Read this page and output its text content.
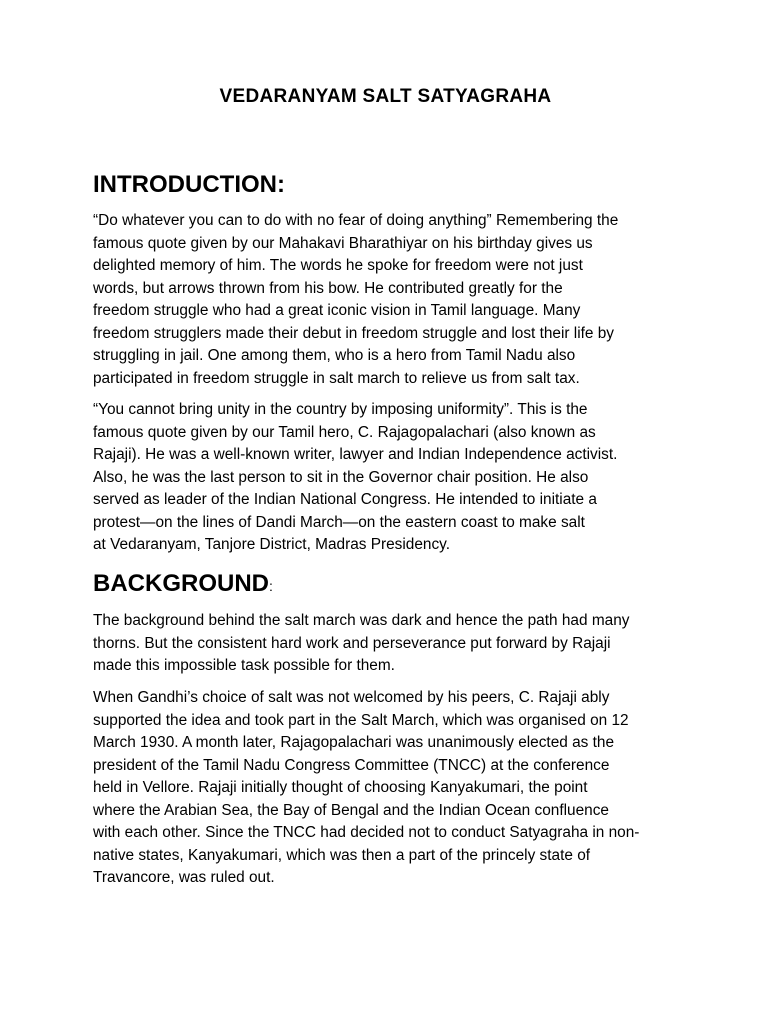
VEDARANYAM SALT SATYAGRAHA
INTRODUCTION:

“Do whatever you can to do with no fear of doing anything” Remembering the
famous quote given by our Mahakavi Bharathiyar on his birthday gives us
delighted memory of him. The words he spoke for freedom were not just
words, but arrows thrown from his bow. He contributed greatly for the
freedom struggle who had a great iconic vision in Tamil language. Many
freedom strugglers made their debut in freedom struggle and lost their life by
struggling in jail. One among them, who is a hero from Tamil Nadu also
participated in freedom struggle in salt march to relieve us from salt tax.

“You cannot bring unity in the country by imposing uniformity”. This is the
famous quote given by our Tamil hero, C. Rajagopalachari (also known as
Rajaji). He was a well-known writer, lawyer and Indian Independence activist.
Also, he was the last person to sit in the Governor chair position. He also
served as leader of the Indian National Congress. He intended to initiate a
protest—on the lines of Dandi March—on the eastern coast to make salt
at Vedaranyam, Tanjore District, Madras Presidency.

BACKGROUND:

The background behind the salt march was dark and hence the path had many
thorns. But the consistent hard work and perseverance put forward by Rajaji
made this impossible task possible for them.

When Gandhi’s choice of salt was not welcomed by his peers, C. Rajaji ably
supported the idea and took part in the Salt March, which was organised on 12
March 1930. A month later, Rajagopalachari was unanimously elected as the
president of the Tamil Nadu Congress Committee (TNCC) at the conference
held in Vellore. Rajaji initially thought of choosing Kanyakumari, the point
where the Arabian Sea, the Bay of Bengal and the Indian Ocean confluence
with each other. Since the TNCC had decided not to conduct Satyagraha in non-
native states, Kanyakumari, which was then a part of the princely state of
Travancore, was ruled out.
